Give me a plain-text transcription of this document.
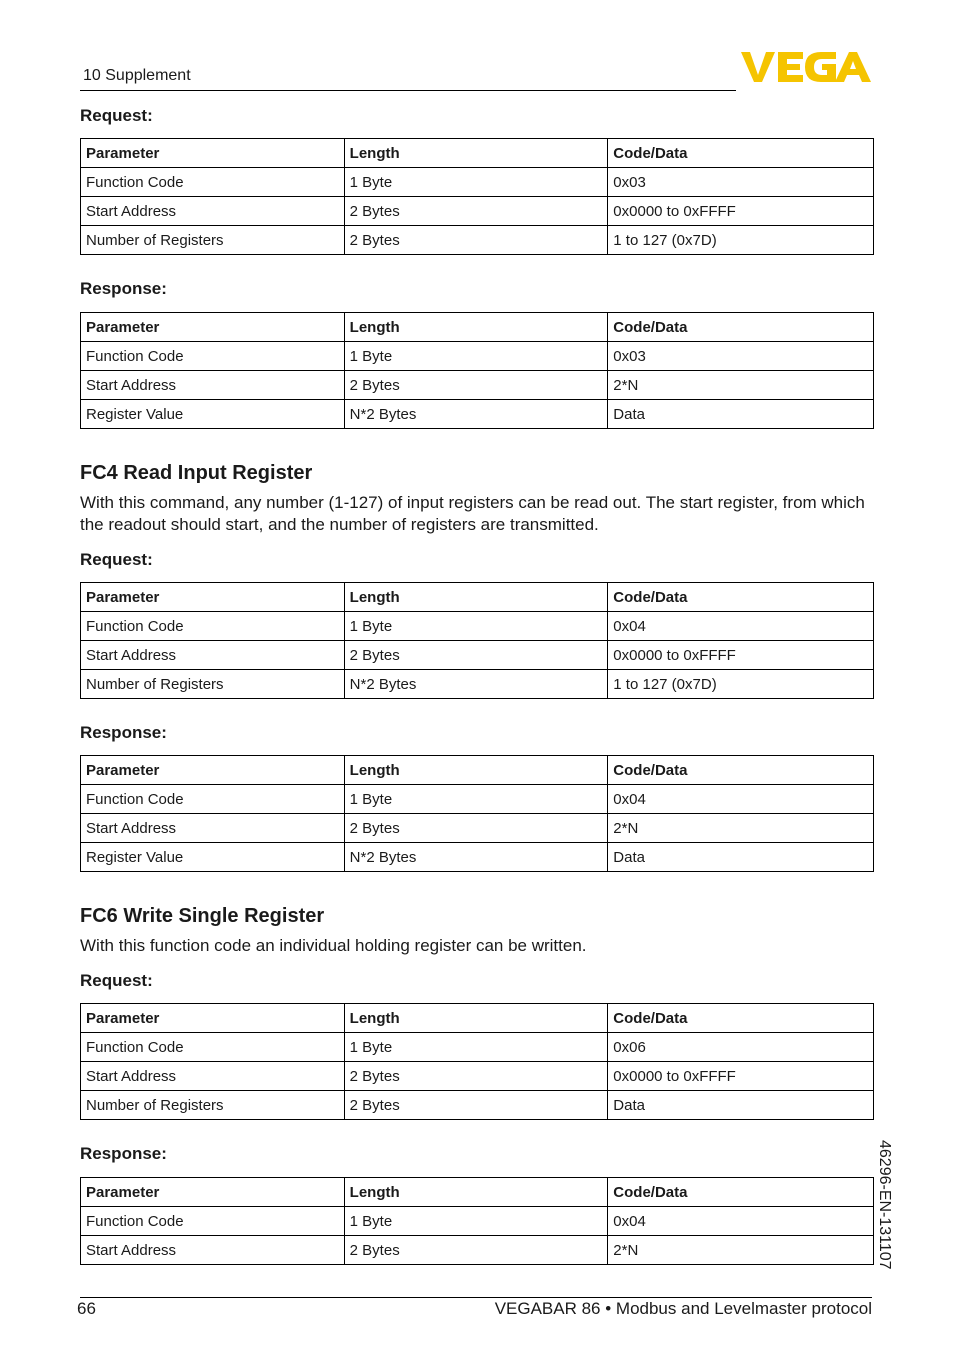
10 Supplement
Request:
Parameter	Length	Code/Data
Function Code	1 Byte	0x03
Start Address	2 Bytes	0x0000 to 0xFFFF
Number of Registers	2 Bytes	1 to 127 (0x7D)
Response:
Parameter	Length	Code/Data
Function Code	1 Byte	0x03
Start Address	2 Bytes	2*N
Register Value	N*2 Bytes	Data
FC4 Read Input Register
With this command, any number (1-127) of input registers can be read out. The start register, from which the readout should start, and the number of registers are transmitted.
Request:
Parameter	Length	Code/Data
Function Code	1 Byte	0x04
Start Address	2 Bytes	0x0000 to 0xFFFF
Number of Registers	N*2 Bytes	1 to 127 (0x7D)
Response:
Parameter	Length	Code/Data
Function Code	1 Byte	0x04
Start Address	2 Bytes	2*N
Register Value	N*2 Bytes	Data
FC6 Write Single Register
With this function code an individual holding register can be written.
Request:
Parameter	Length	Code/Data
Function Code	1 Byte	0x06
Start Address	2 Bytes	0x0000 to 0xFFFF
Number of Registers	2 Bytes	Data
Response:
Parameter	Length	Code/Data
Function Code	1 Byte	0x04
Start Address	2 Bytes	2*N	46296-EN-131107
66	VEGABAR 86 • Modbus and Levelmaster protocol
